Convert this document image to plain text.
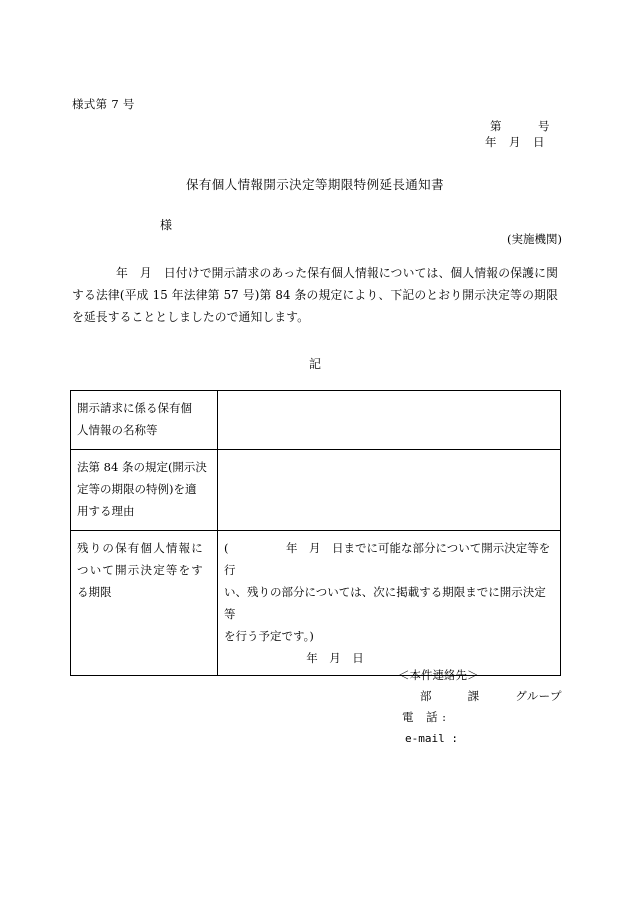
様式第 7 号
第　　　号
年　月　日
保有個人情報開示決定等期限特例延長通知書
様
(実施機関)
年　月　日付けで開示請求のあった保有個人情報については、個人情報の保護に関する法律(平成 15 年法律第 57 号)第 84 条の規定により、下記のとおり開示決定等の期限を延長することとしましたので通知します。
記
開示請求に係る保有個
人情報の名称等	

法第 84 条の規定(開示決
定等の期限の特例)を適
用する理由	

残りの保有個人情報に
ついて開示決定等をす
る期限	(　　　　　年　月　日までに可能な部分について開示決定等を行
い、残りの部分については、次に掲載する期限までに開示決定等
を行う予定です。)
年　月　日
＜本件連絡先＞
部　　　課　　　グループ
電　話 :
e-mail :
